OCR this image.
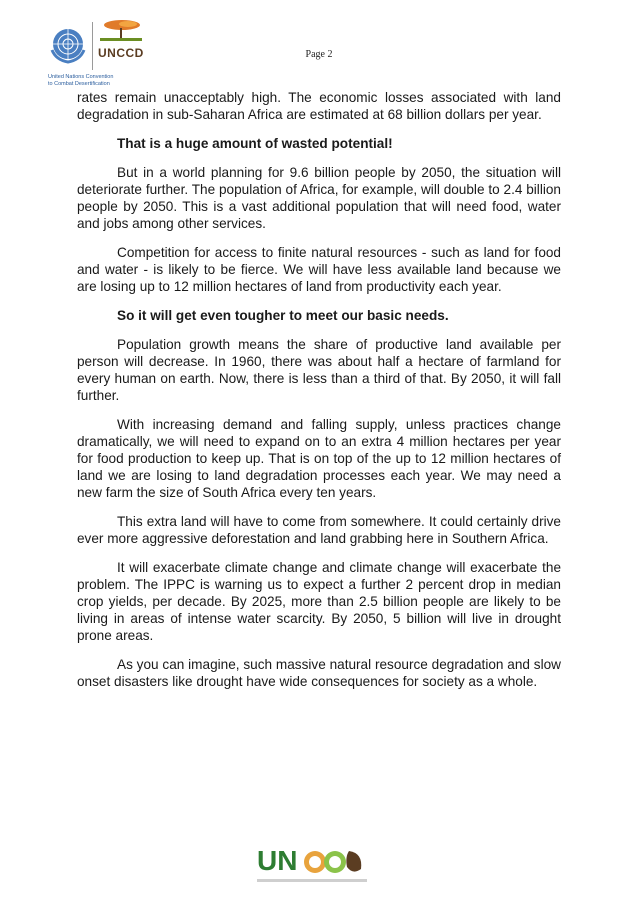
UNCCD
United Nations Convention
to Combat Desertification
Page 2

rates remain unacceptably high. The economic losses associated with land degradation in sub-Saharan Africa are estimated at 68 billion dollars per year.

That is a huge amount of wasted potential!

But in a world planning for 9.6 billion people by 2050, the situation will deteriorate further. The population of Africa, for example, will double to 2.4 billion people by 2050. This is a vast additional population that will need food, water and jobs among other services.

Competition for access to finite natural resources - such as land for food and water - is likely to be fierce. We will have less available land because we are losing up to 12 million hectares of land from productivity each year.

So it will get even tougher to meet our basic needs.

Population growth means the share of productive land available per person will decrease. In 1960, there was about half a hectare of farmland for every human on earth. Now, there is less than a third of that. By 2050, it will fall further.

With increasing demand and falling supply, unless practices change dramatically, we will need to expand on to an extra 4 million hectares per year for food production to keep up. That is on top of the up to 12 million hectares of land we are losing to land degradation processes each year. We may need a new farm the size of South Africa every ten years.

This extra land will have to come from somewhere. It could certainly drive ever more aggressive deforestation and land grabbing here in Southern Africa.

It will exacerbate climate change and climate change will exacerbate the problem. The IPPC is warning us to expect a further 2 percent drop in median crop yields, per decade. By 2025, more than 2.5 billion people are likely to be living in areas of intense water scarcity. By 2050, 5 billion will live in drought prone areas.

As you can imagine, such massive natural resource degradation and slow onset disasters like drought have wide consequences for society as a whole.

UN
